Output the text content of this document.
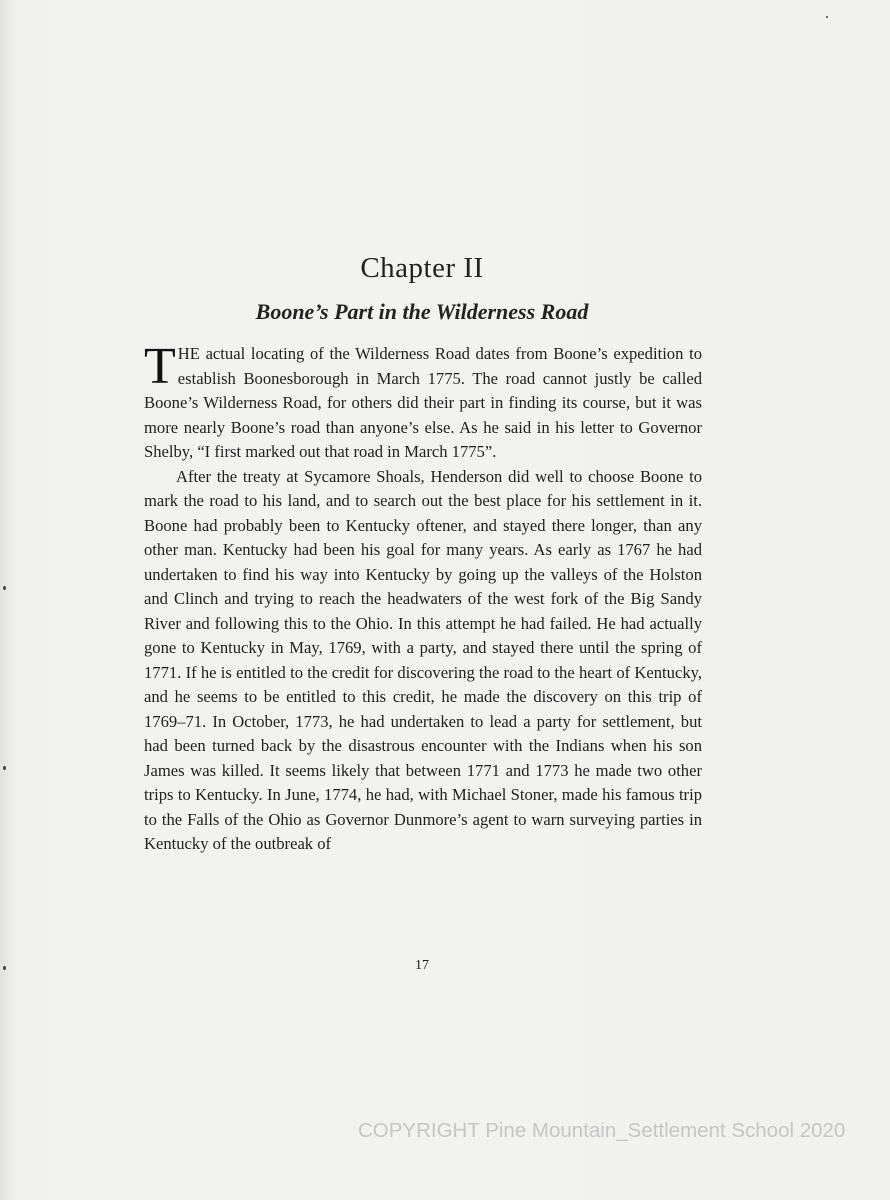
Chapter II
Boone’s Part in the Wilderness Road

THE actual locating of the Wilderness Road dates from Boone’s expedition to establish Boonesborough in March 1775. The road cannot justly be called Boone’s Wilderness Road, for others did their part in finding its course, but it was more nearly Boone’s road than anyone’s else. As he said in his letter to Governor Shelby, “I first marked out that road in March 1775”.

After the treaty at Sycamore Shoals, Henderson did well to choose Boone to mark the road to his land, and to search out the best place for his settlement in it. Boone had probably been to Kentucky oftener, and stayed there longer, than any other man. Kentucky had been his goal for many years. As early as 1767 he had undertaken to find his way into Kentucky by going up the valleys of the Holston and Clinch and trying to reach the headwaters of the west fork of the Big Sandy River and following this to the Ohio. In this attempt he had failed. He had actually gone to Kentucky in May, 1769, with a party, and stayed there until the spring of 1771. If he is entitled to the credit for discovering the road to the heart of Kentucky, and he seems to be entitled to this credit, he made the discovery on this trip of 1769–71. In October, 1773, he had undertaken to lead a party for settlement, but had been turned back by the disastrous encounter with the Indians when his son James was killed. It seems likely that between 1771 and 1773 he made two other trips to Kentucky. In June, 1774, he had, with Michael Stoner, made his famous trip to the Falls of the Ohio as Governor Dunmore’s agent to warn surveying parties in Kentucky of the outbreak of

17
COPYRIGHT Pine Mountain_Settlement School 2020
